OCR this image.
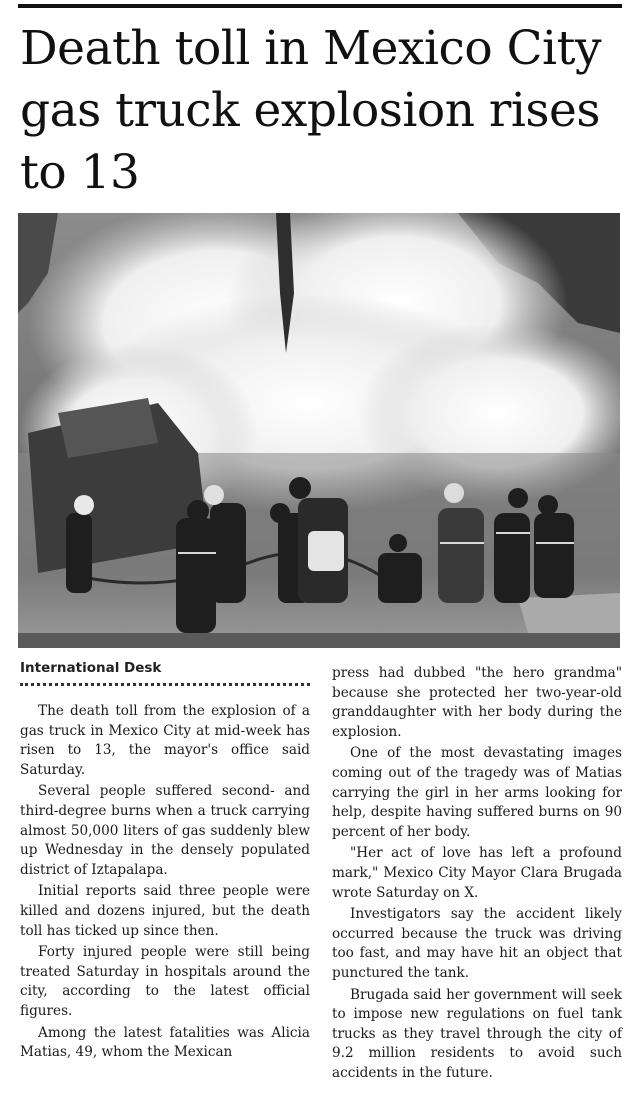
Death toll in Mexico City gas truck explosion rises to 13
International Desk

The death toll from the explosion of a gas truck in Mexico City at mid-week has risen to 13, the mayor's office said Saturday.

Several people suffered second- and third-degree burns when a truck carrying almost 50,000 liters of gas suddenly blew up Wednesday in the densely populated district of Iztapalapa.

Initial reports said three people were killed and dozens injured, but the death toll has ticked up since then.

Forty injured people were still being treated Saturday in hospitals around the city, according to the latest official figures.

Among the latest fatalities was Alicia Matias, 49, whom the Mexican

press had dubbed "the hero grandma" because she protected her two-year-old granddaughter with her body during the explosion.

One of the most devastating images coming out of the tragedy was of Matias carrying the girl in her arms looking for help, despite having suffered burns on 90 percent of her body.

"Her act of love has left a profound mark," Mexico City Mayor Clara Brugada wrote Saturday on X.

Investigators say the accident likely occurred because the truck was driving too fast, and may have hit an object that punctured the tank.

Brugada said her government will seek to impose new regulations on fuel tank trucks as they travel through the city of 9.2 million residents to avoid such accidents in the future.
